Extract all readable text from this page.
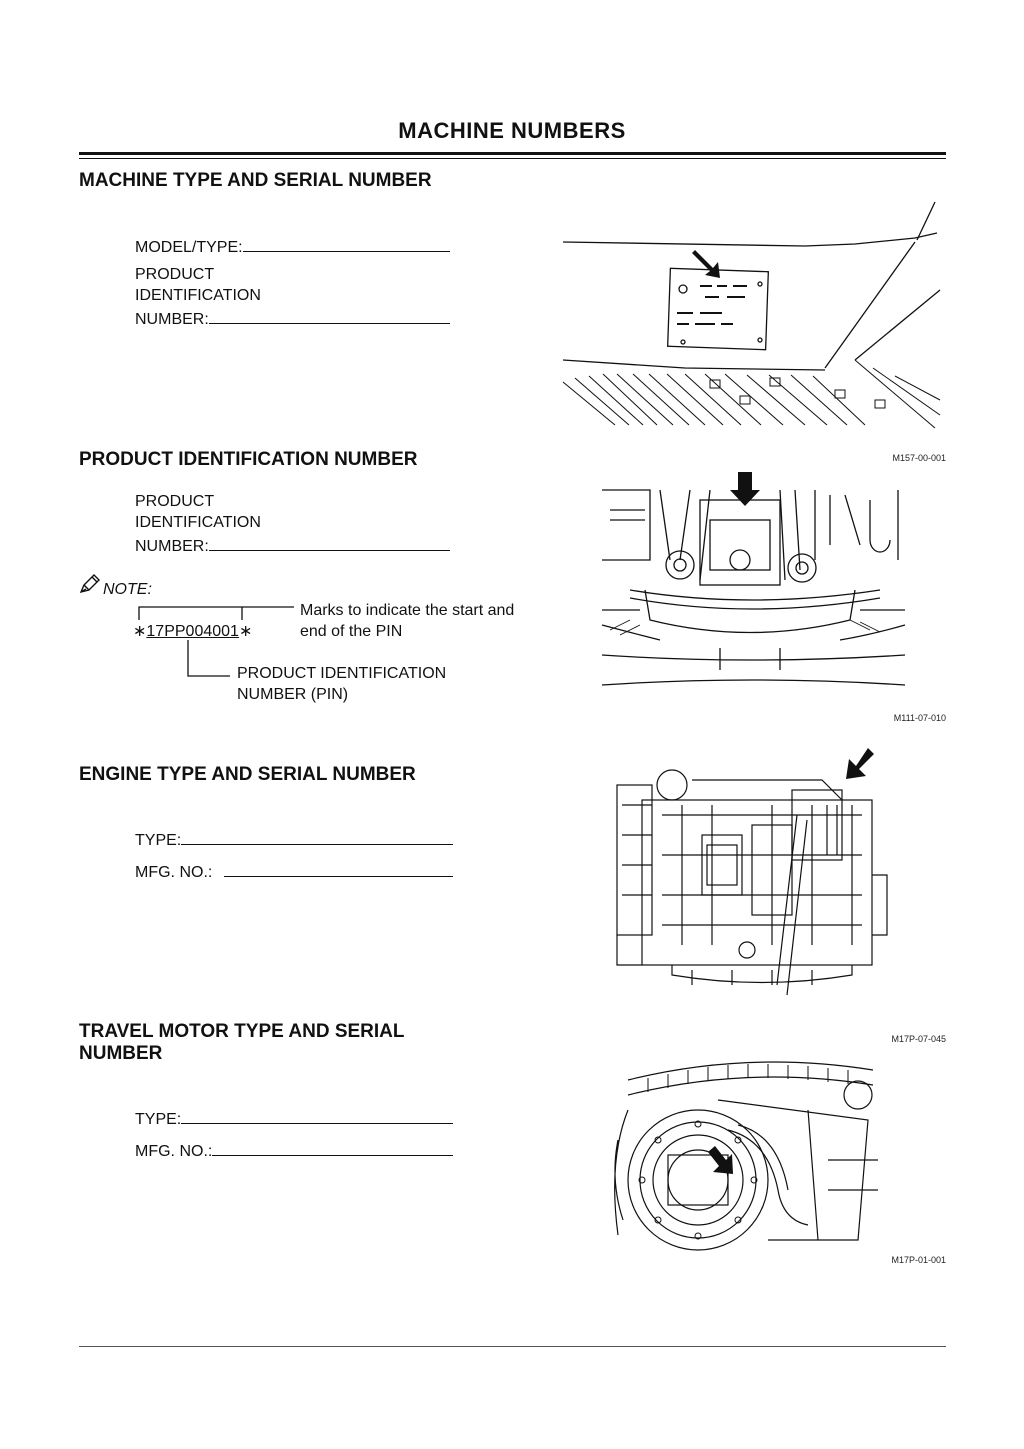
MACHINE NUMBERS
MACHINE TYPE AND SERIAL NUMBER
MODEL/TYPE:
PRODUCT
IDENTIFICATION
NUMBER:
M157-00-001
PRODUCT IDENTIFICATION NUMBER
PRODUCT
IDENTIFICATION
NUMBER:
NOTE:
∗17PP004001∗
Marks to indicate the start and
end of the PIN
PRODUCT IDENTIFICATION
NUMBER (PIN)
M111-07-010
ENGINE TYPE AND SERIAL NUMBER
TYPE:
MFG. NO.:
M17P-07-045
TRAVEL MOTOR TYPE AND SERIAL
NUMBER
TYPE:
MFG. NO.:
M17P-01-001
